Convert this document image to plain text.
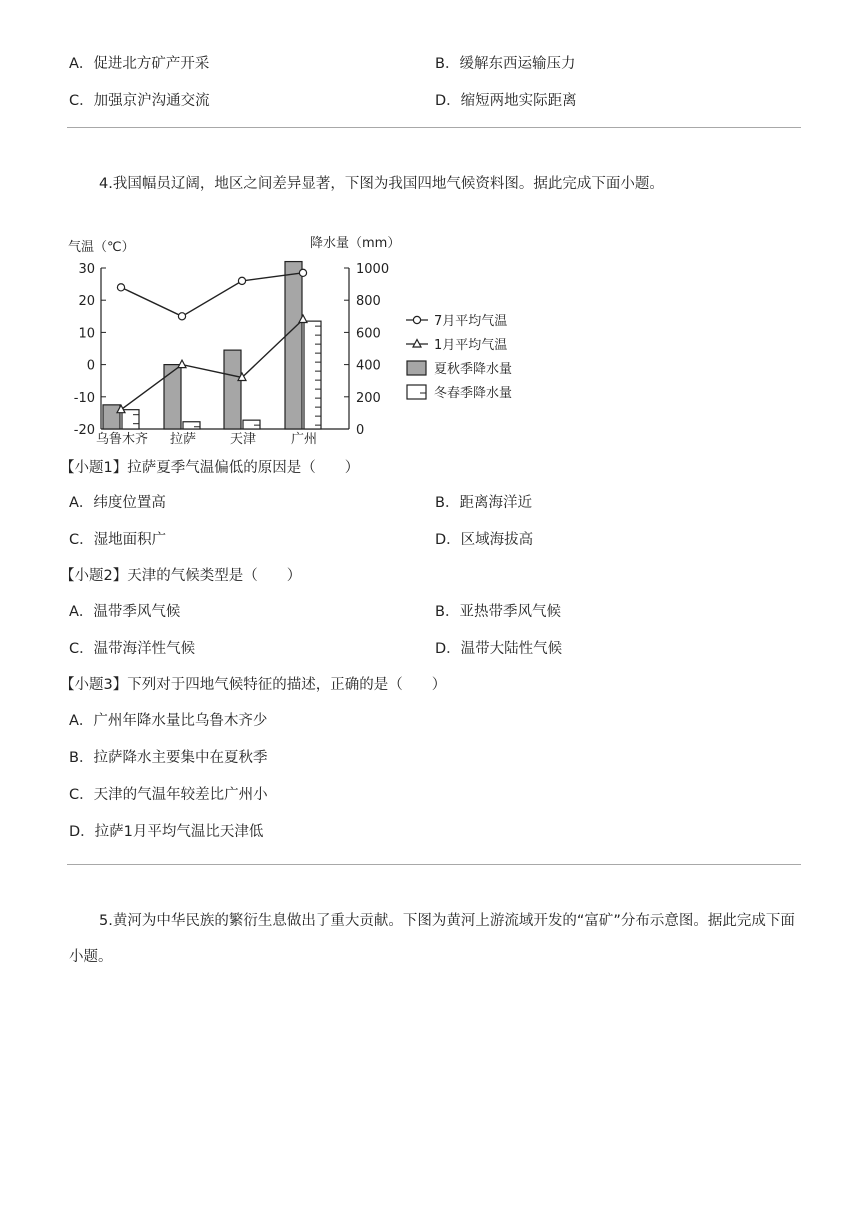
A．促进北方矿产开采	B．缓解东西运输压力
C．加强京沪沟通交流	D．缩短两地实际距离
4.我国幅员辽阔，地区之间差异显著，下图为我国四地气候资料图。据此完成下面小题。
30
20
10
0
-10
-20
1000
800
600
400
200
0
气温（℃）	降水量（mm）
乌鲁木齐 拉萨	天津	广州
7月平均气温
1月平均气温
夏秋季降水量
冬春季降水量
【小题1】拉萨夏季气温偏低的原因是（　　）
A．纬度位置高	B．距离海洋近
C．湿地面积广	D．区域海拔高
【小题2】天津的气候类型是（　　）
A．温带季风气候	B．亚热带季风气候
C．温带海洋性气候	D．温带大陆性气候
【小题3】下列对于四地气候特征的描述，正确的是（　　）
A．广州年降水量比乌鲁木齐少
B．拉萨降水主要集中在夏秋季
C．天津的气温年较差比广州小
D．拉萨1月平均气温比天津低
5.黄河为中华民族的繁衍生息做出了重大贡献。下图为黄河上游流域开发的“富矿”分布示意图。据此完成下面小题。
